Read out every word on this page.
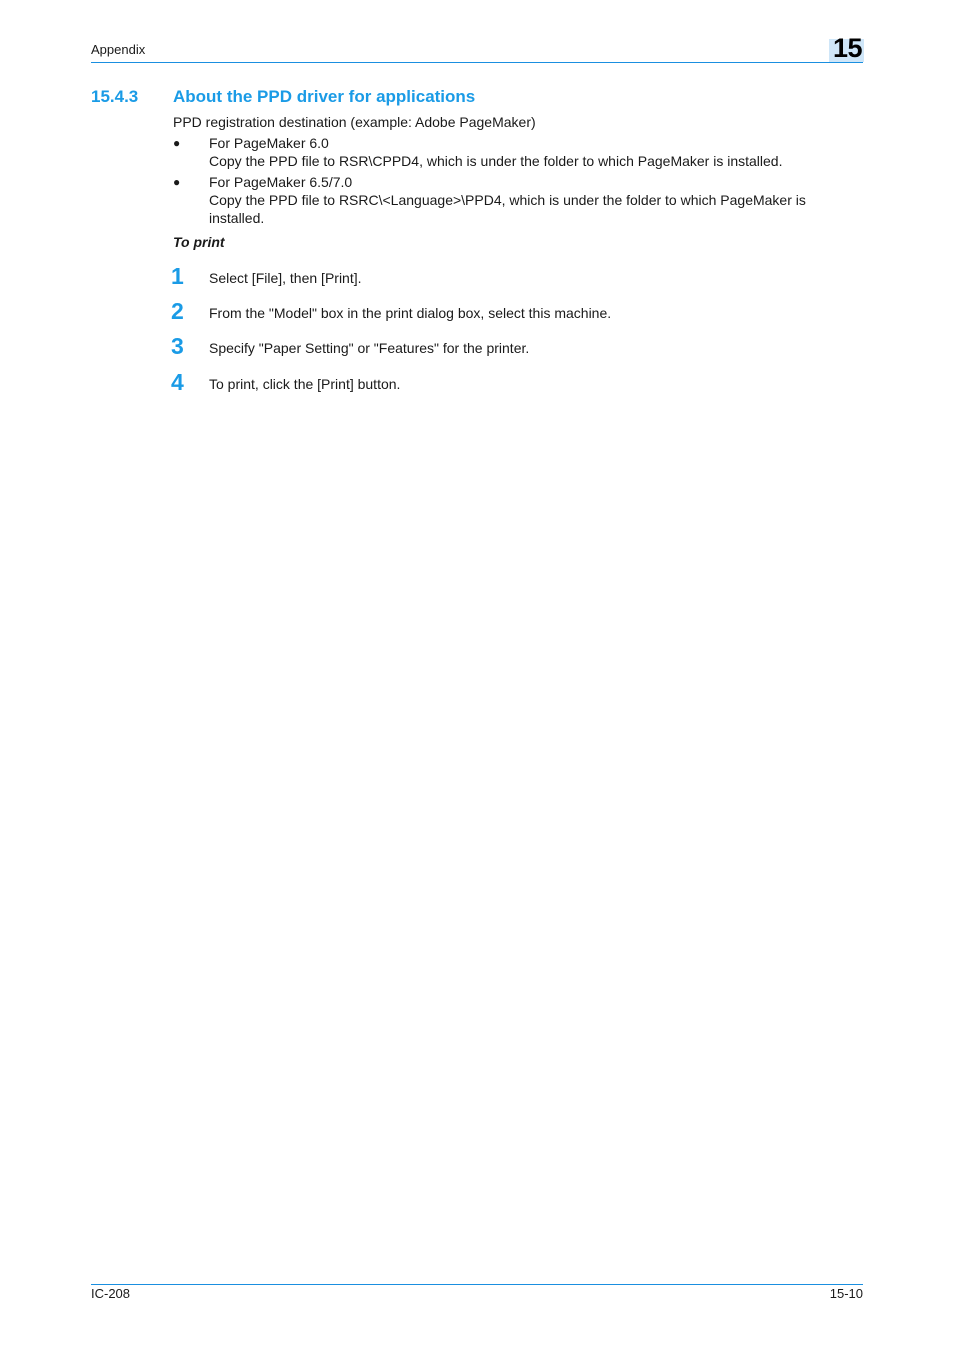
Appendix	15
15.4.3 About the PPD driver for applications
PPD registration destination (example: Adobe PageMaker)
● For PageMaker 6.0
Copy the PPD file to RSR\CPPD4, which is under the folder to which PageMaker is installed.
● For PageMaker 6.5/7.0
Copy the PPD file to RSRC\<Language>\PPD4, which is under the folder to which PageMaker is
installed.
To print
1 Select [File], then [Print].
2 From the "Model" box in the print dialog box, select this machine.
3 Specify "Paper Setting" or "Features" for the printer.
4 To print, click the [Print] button.
IC-208	15-10
